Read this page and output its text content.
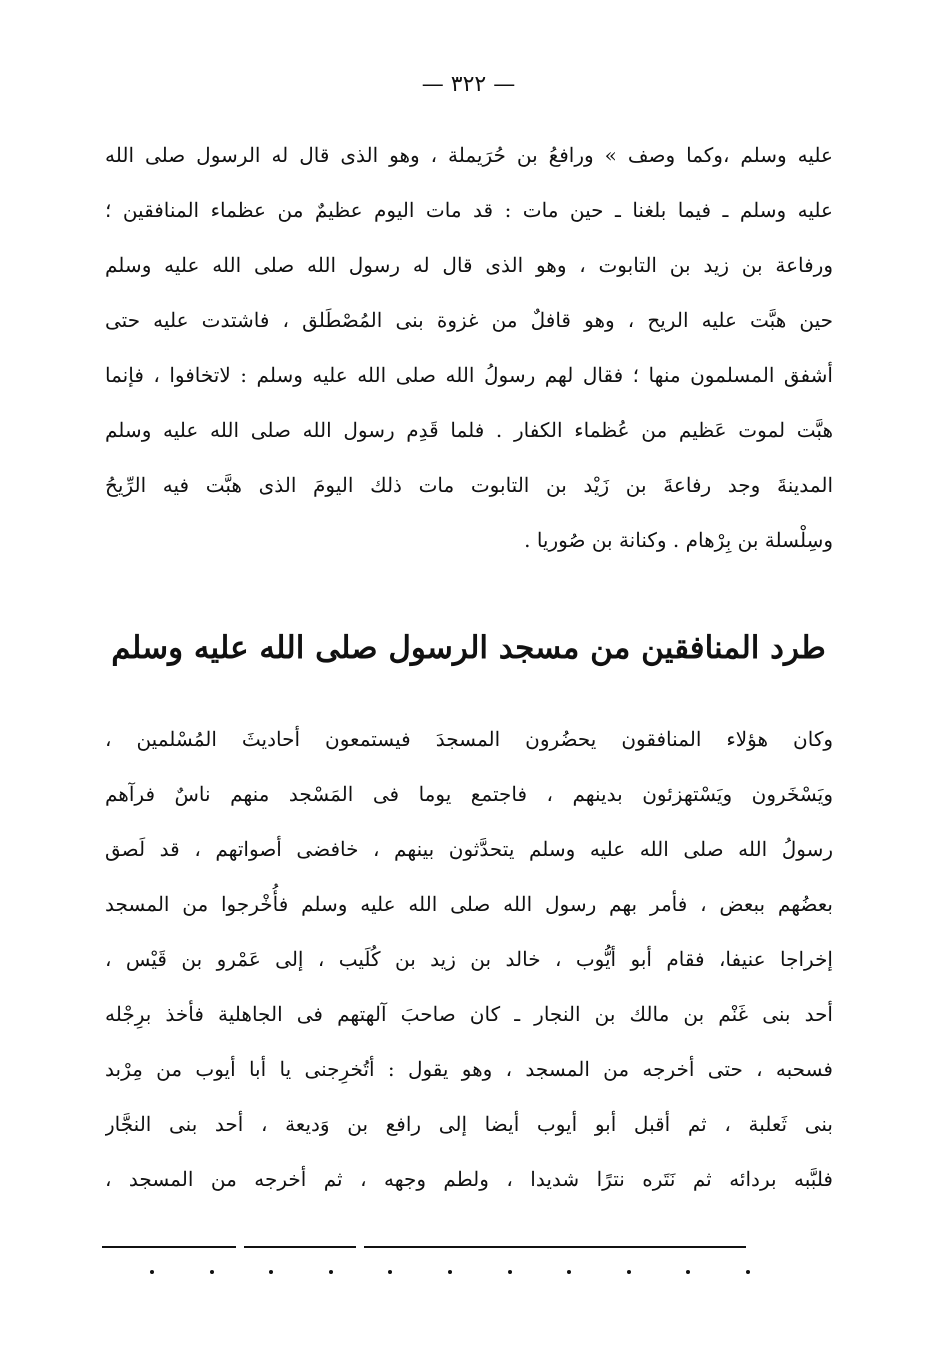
— ٣٢٢ —
عليه وسلم ،وكما وصف » ورافعُ بن حُرَيملة ، وهو الذى قال له الرسول صلى الله
عليه وسلم ـ فيما بلغنا ـ حين مات : قد مات اليوم عظيمٌ من عظماء المنافقين ؛
ورفاعة بن زيد بن التابوت ، وهو الذى قال له رسول الله صلى الله عليه وسلم
حين هبَّت عليه الريح ، وهو قافلٌ من غزوة بنى المُصْطَلق ، فاشتدت عليه حتى
أشفق المسلمون منها ؛ فقال لهم رسولُ الله صلى الله عليه وسلم : لاتخافوا ، فإنما
هبَّت لموت عَظيم من عُظماء الكفار . فلما قَدِم رسول الله صلى الله عليه وسلم
المدينةَ وجد رفاعةَ بن زَيْد بن التابوت مات ذلك اليومَ الذى هبَّت فيه الرِّيحُ
وسِلْسلة بن بِرْهام . وكنانة بن صُوريا .
طرد المنافقين من مسجد الرسول صلى الله عليه وسلم
وكان هؤلاء المنافقون يحضُرون المسجدَ فيستمعون أحاديثَ المُسْلمين ،
ويَسْخَرون ويَسْتهزئون بدينهم ، فاجتمع يوما فى المَسْجد منهم ناسٌ فرآهم
رسولُ الله صلى الله عليه وسلم يتحدَّثون بينهم ، خافضى أصواتهم ، قد لَصق
بعضُهم ببعض ، فأمر بهم رسول الله صلى الله عليه وسلم فأُخْرجوا من المسجد
إخراجا عنيفا، فقام أبو أيُّوب ، خالد بن زيد بن كُلَيب ، إلى عَمْرو بن قَيْس ،
أحد بنى غَنْم بن مالك بن النجار ـ كان صاحبَ آلهتهم فى الجاهلية فأخذ برِجْله
فسحبه ، حتى أخرجه من المسجد ، وهو يقول : أتُخرِجنى يا أبا أيوب من مِرْبد
بنى ثَعلبة ، ثم أقبل أبو أيوب أيضا إلى رافع بن وَديعة ، أحد بنى النجَّار
فلبَّبه بردائه ثم نَتَره نترًا شديدا ، ولطم وجهه ، ثم أخرجه من المسجد ،
